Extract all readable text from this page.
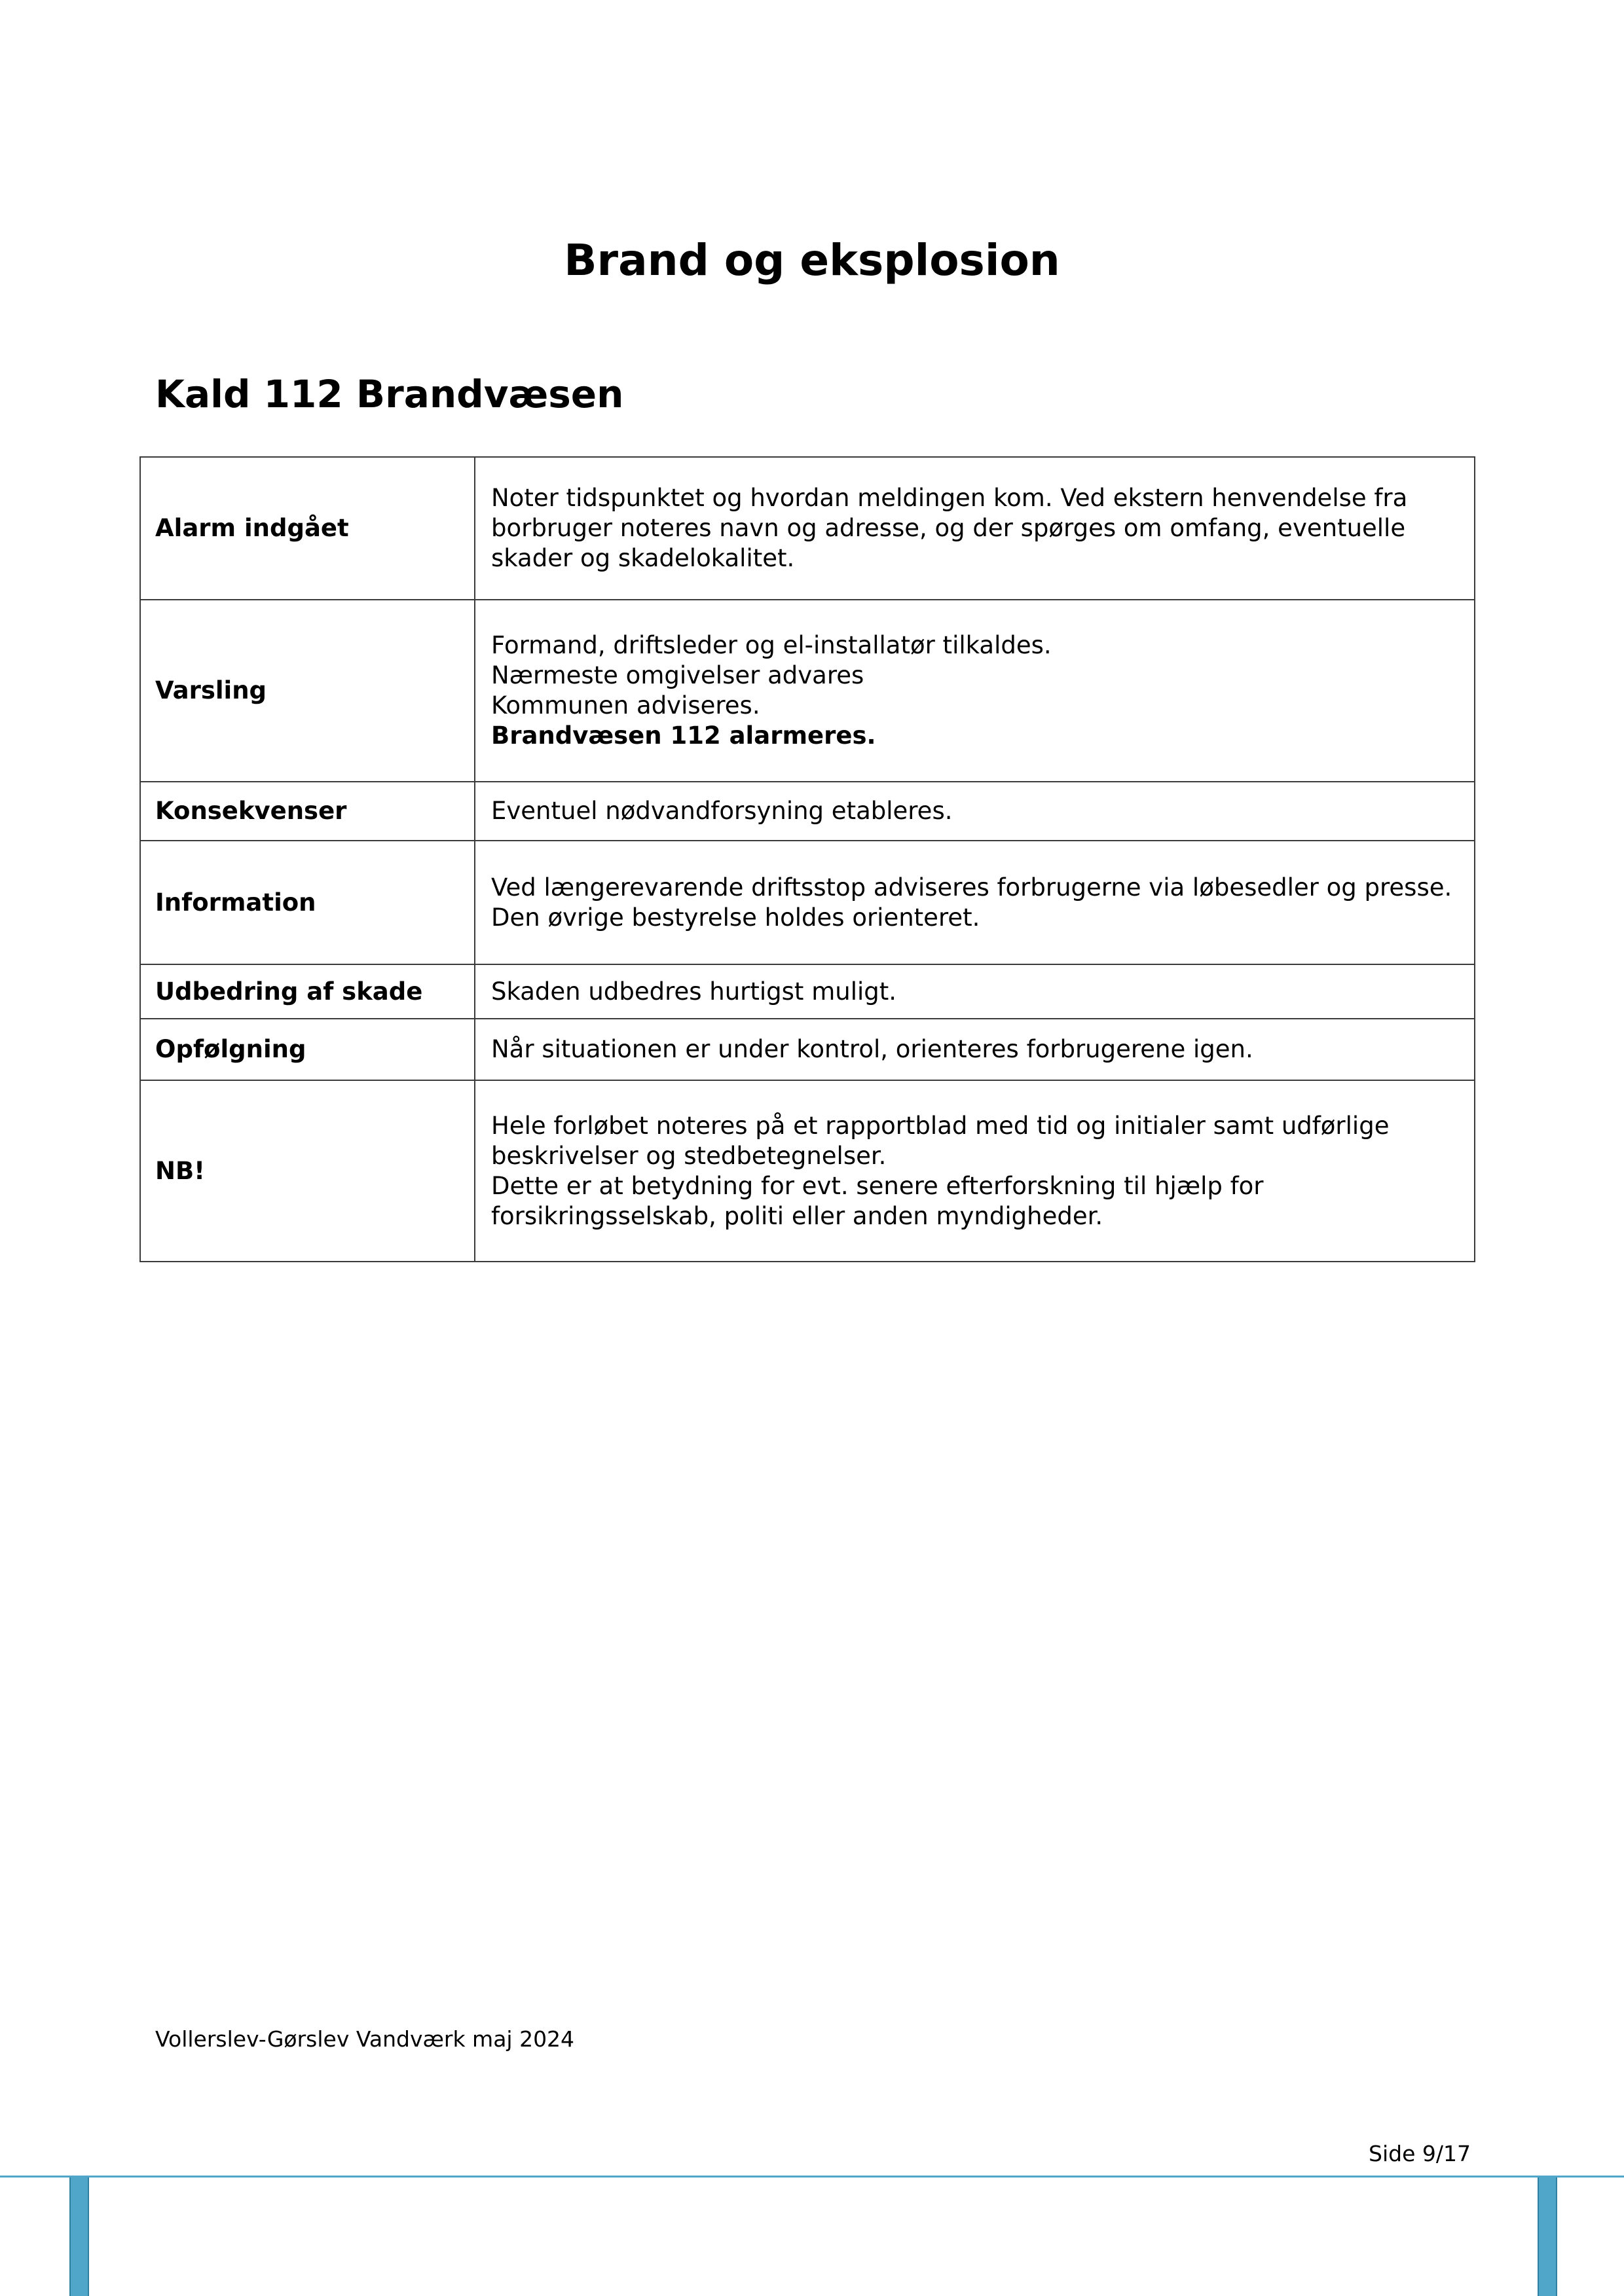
Brand og eksplosion
Kald 112 Brandvæsen
Alarm indgået	Noter tidspunktet og hvordan meldingen kom. Ved ekstern henvendelse fra
borbruger noteres navn og adresse, og der spørges om omfang, eventuelle
skader og skadelokalitet.

Varsling	Formand, driftsleder og el-installatør tilkaldes.
Nærmeste omgivelser advares
Kommunen adviseres.
Brandvæsen 112 alarmeres.

Konsekvenser	Eventuel nødvandforsyning etableres.

Information	Ved længerevarende driftsstop adviseres forbrugerne via løbesedler og presse.
Den øvrige bestyrelse holdes orienteret.

Udbedring af skade	Skaden udbedres hurtigst muligt.

Opfølgning	Når situationen er under kontrol, orienteres forbrugerene igen.

NB!	Hele forløbet noteres på et rapportblad med tid og initialer samt udførlige
beskrivelser og stedbetegnelser.
Dette er at betydning for evt. senere efterforskning til hjælp for
forsikringsselskab, politi eller anden myndigheder.

Vollerslev-Gørslev Vandværk maj 2024

Side 9/17
